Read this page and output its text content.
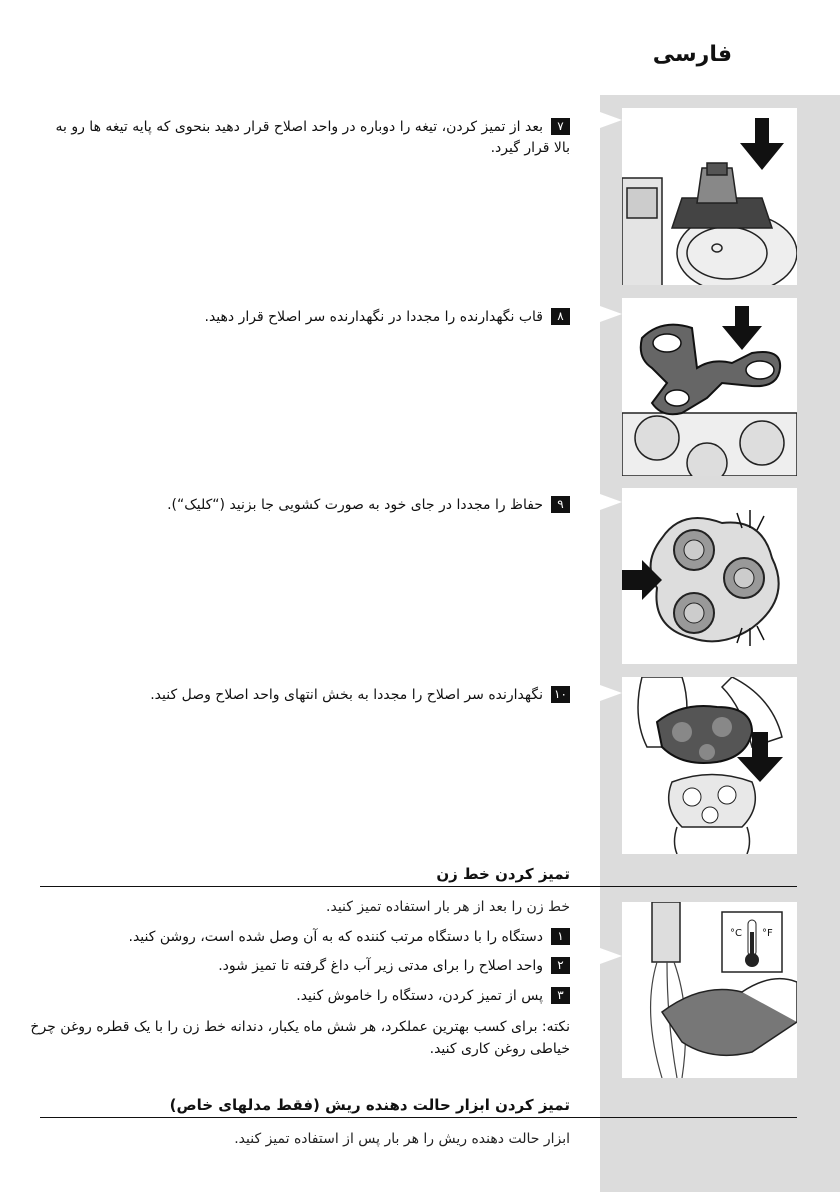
فارسی
۷بعد از تمیز کردن، تیغه را دوباره در واحد اصلاح قرار دهید بنحوی که پایه تیغه ها رو به بالا قرار گیرد.
۸قاب نگهدارنده را مجددا در نگهدارنده سر اصلاح قرار دهید.
۹حفاظ را مجددا در جای خود به صورت کشویی جا بزنید (“کلیک“).
۱۰نگهدارنده سر اصلاح را مجددا به بخش انتهای واحد اصلاح وصل کنید.
تمیز کردن خط زن
خط زن را بعد از هر بار استفاده تمیز کنید.
°C °F
۱دستگاه را با دستگاه مرتب کننده که به آن وصل شده است، روشن کنید.
۲واحد اصلاح را برای مدتی زیر آب داغ گرفته تا تمیز شود.
۳پس از تمیز کردن، دستگاه را خاموش کنید.
نکته: برای کسب بهترین عملکرد، هر شش ماه یکبار، دندانه خط زن را با یک قطره روغن چرخ خیاطی روغن کاری کنید.
تمیز کردن ابزار حالت دهنده ریش (فقط مدلهای خاص)
ابزار حالت دهنده ریش را هر بار پس از استفاده تمیز کنید.
